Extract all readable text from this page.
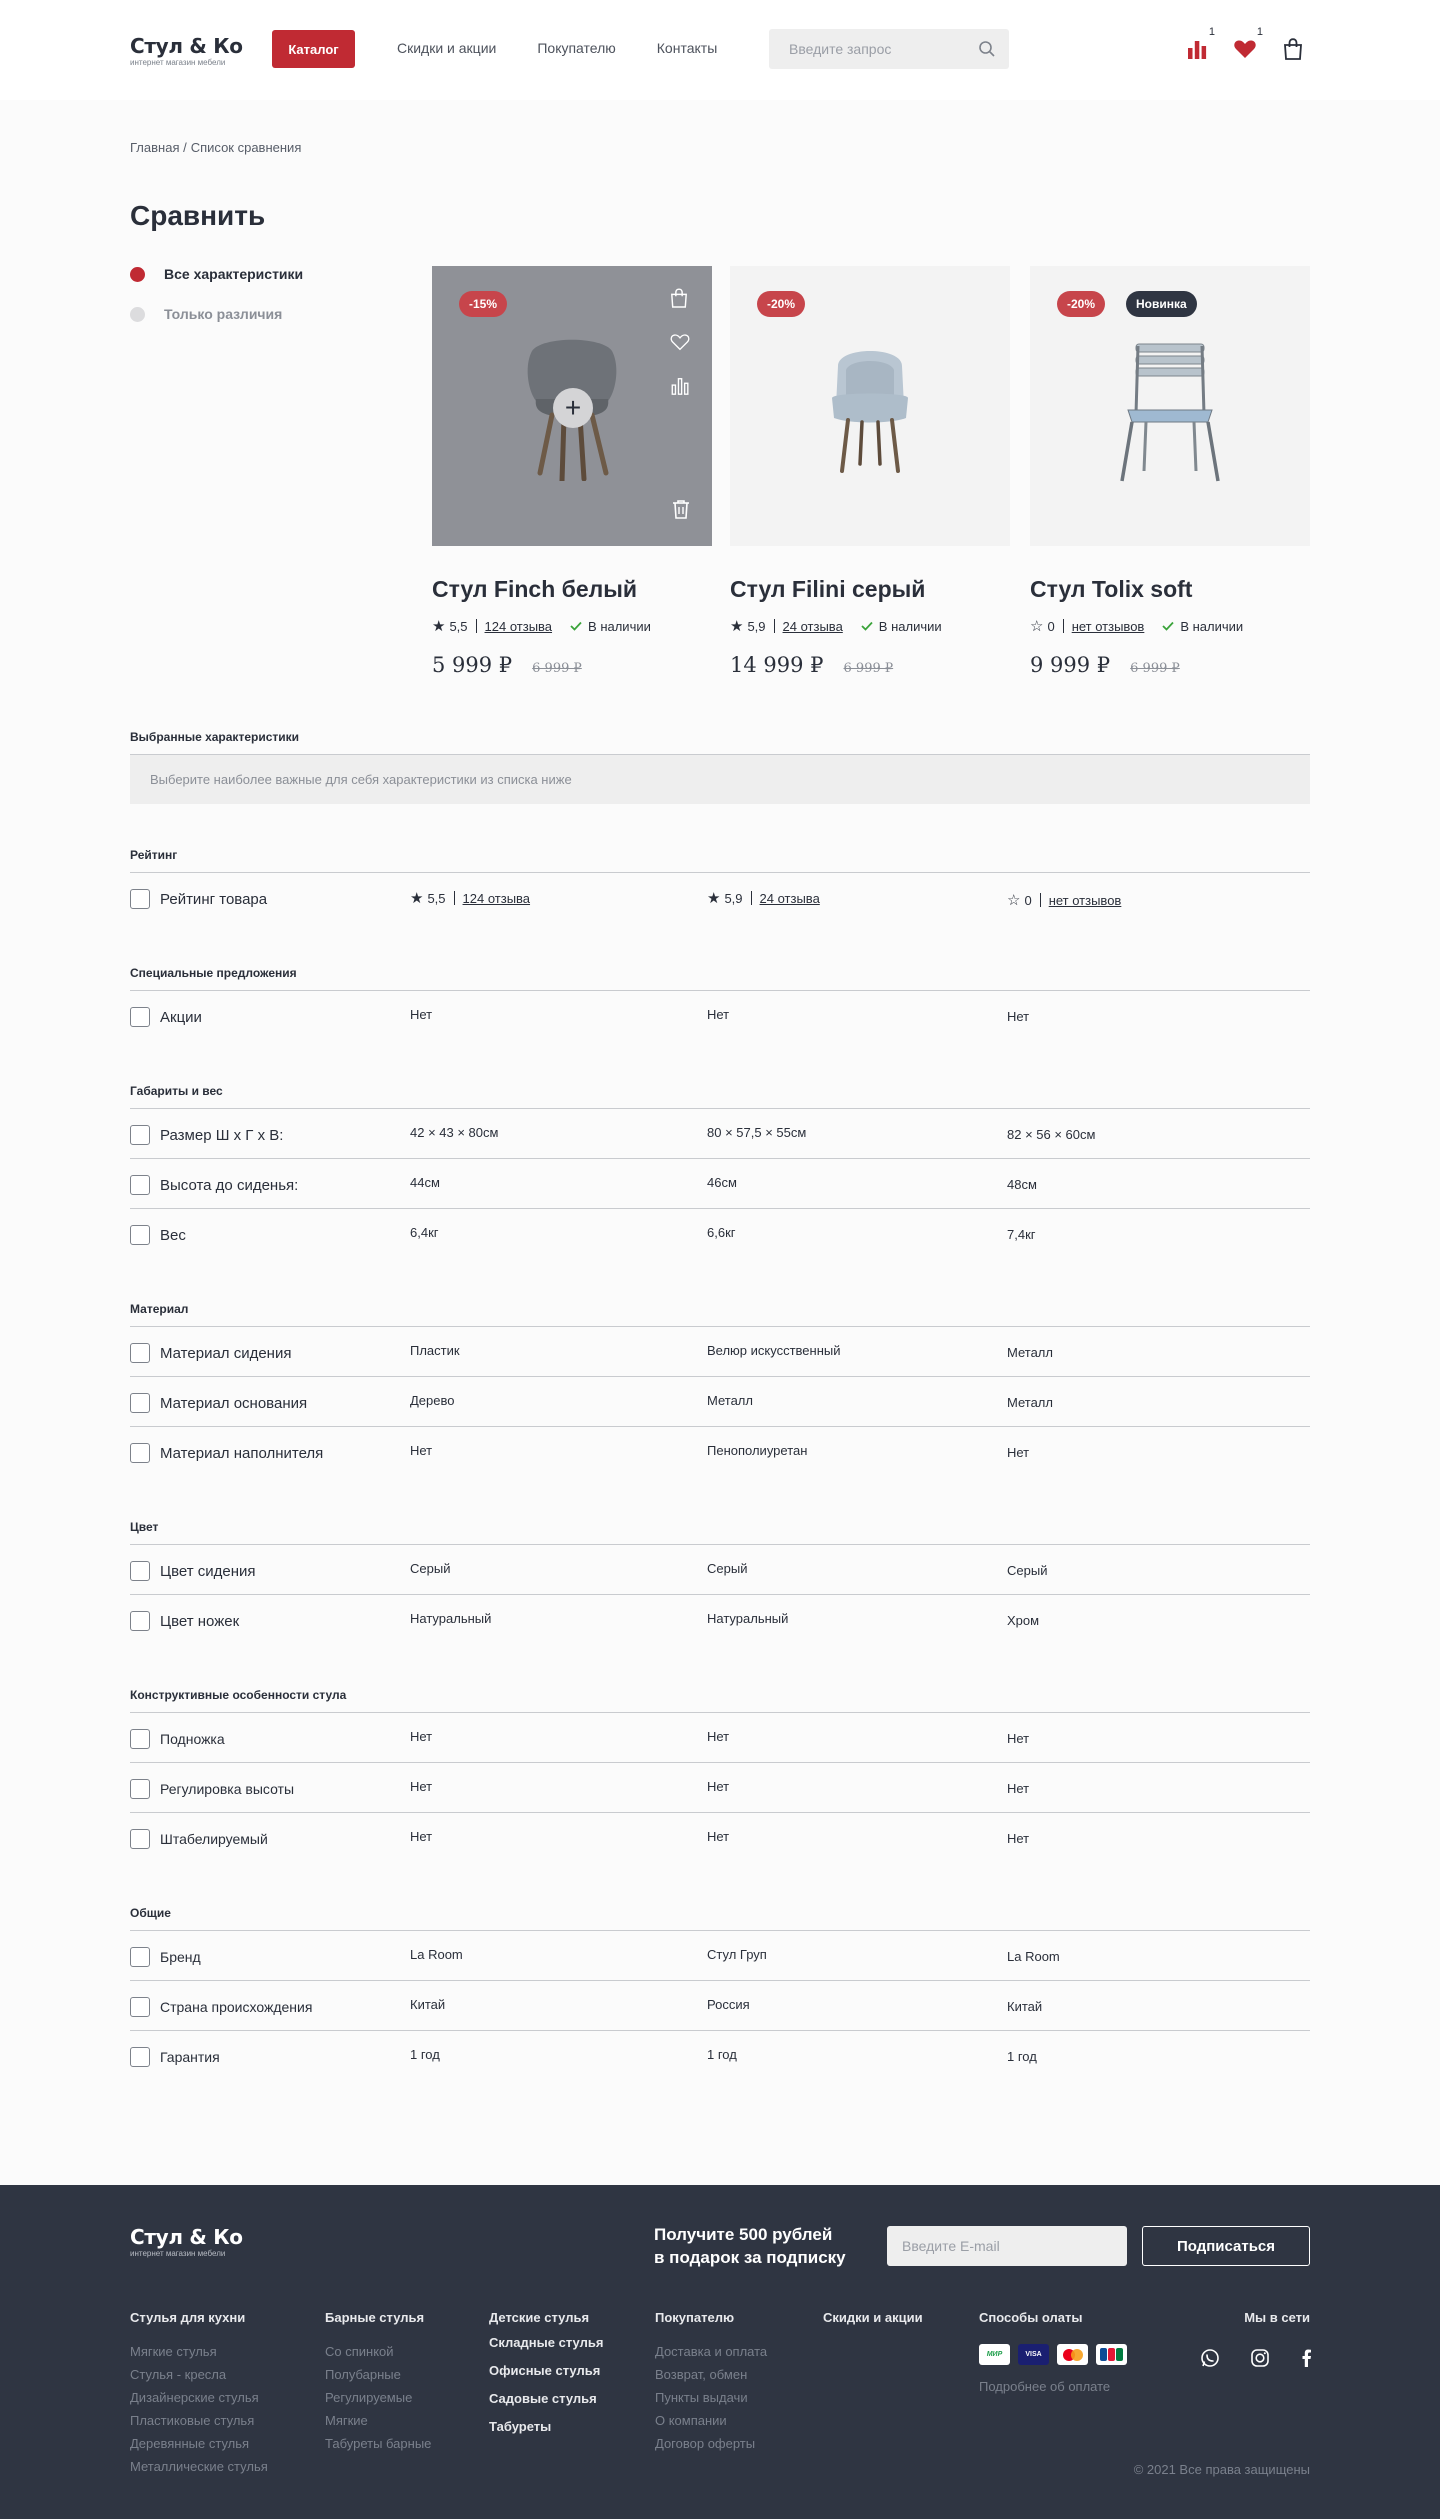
Стул & Ко
интернет магазин мебели
Каталог	Скидки и акции	Покупателю	Контакты
Введите запрос
1	1
Главная / Список сравнения
Сравнить
Все характеристики
Только различия
-15%
+
Стул Finch белый
★ 5,5 124 отзыва	В наличии
5 999 ₽ 6 999 ₽
-20%
Стул Filini серый
★ 5,9 24 отзыва	В наличии
14 999 ₽ 6 999 ₽
-20%	Новинка
Стул Tolix soft
☆ 0 нет отзывов	В наличии
9 999 ₽ 6 999 ₽
Выбранные характеристики
Выберите наиболее важные для себя характеристики из списка ниже
Рейтинг
Рейтинг товара	★ 5,5 124 отзыва	★ 5,9 24 отзыва	☆ 0 нет отзывов
Специальные предложения
Акции	Нет	Нет	Нет
Габариты и вес
Размер Ш х Г х В:	42 × 43 × 80см	80 × 57,5 × 55см	82 × 56 × 60см
Высота до сиденья:	44см	46см	48см
Вес	6,4кг	6,6кг	7,4кг
Материал
Материал сидения	Пластик	Велюр искусственный	Металл
Материал основания	Дерево	Металл	Металл
Материал наполнителя	Нет	Пенополиуретан	Нет
Цвет
Цвет сидения	Серый	Серый	Серый
Цвет ножек	Натуральный	Натуральный	Хром
Конструктивные особенности стула
Подножка	Нет	Нет	Нет
Регулировка высоты	Нет	Нет	Нет
Штабелируемый	Нет	Нет	Нет
Общие
Бренд	La Room	Стул Груп	La Room
Страна происхождения	Китай	Россия	Китай
Гарантия	1 год	1 год	1 год
Стул & Ко
интернет магазин мебели
Получите 500 рублей
в подарок за подписку
Введите E-mail
Подписаться
Стулья для кухни
Мягкие стулья
Стулья - кресла
Дизайнерские стулья
Пластиковые стулья
Деревянные стулья
Металлические стулья
Барные стулья
Со спинкой
Полубарные
Регулируемые
Мягкие
Табуреты барные
Детские стулья
Складные стулья
Офисные стулья
Садовые стулья
Табуреты
Покупателю
Доставка и оплата
Возврат, обмен
Пункты выдачи
О компании
Договор оферты
Скидки и акции	Способы олаты
МИР	VISA
Подробнее об оплате
Мы в сети
© 2021 Все права защищены
